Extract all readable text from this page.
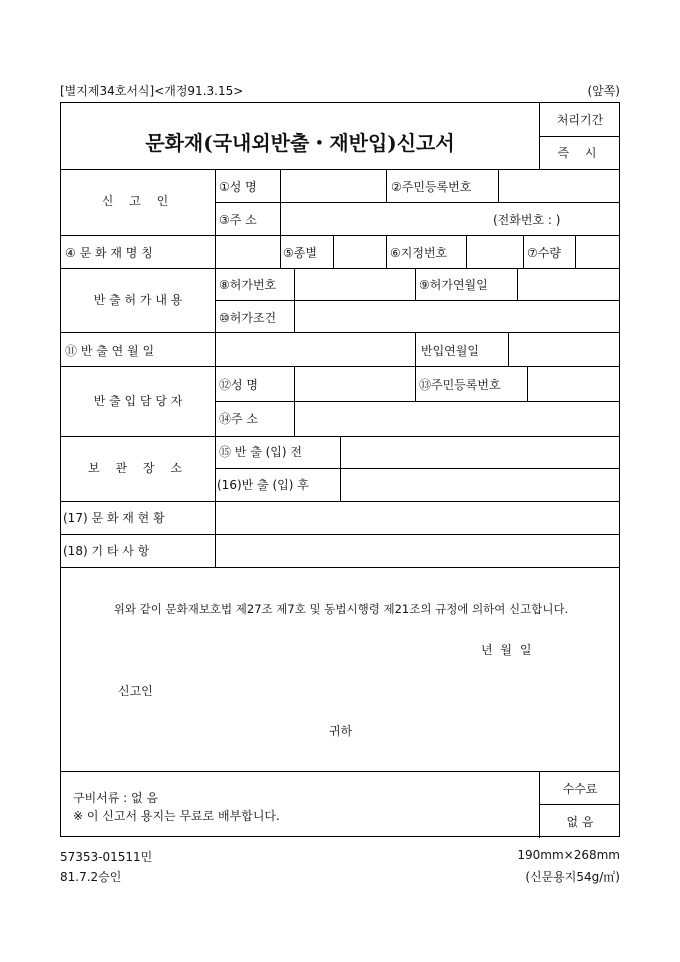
[별지제34호서식]<개정91.3.15>	(앞쪽)
문화재(국내외반출・재반입)신고서
처리기간
즉 시
신 고 인
①성 명	②주민등록번호
③주 소	(전화번호 : )
④ 문 화 재 명 칭	⑤종별	⑥지정번호	⑦수량
반 출 허 가 내 용
⑧허가번호	⑨허가연월일
⑩허가조건
⑪ 반 출 연 월 일	반입연월일
반 출 입 담 당 자
⑫성 명	⑬주민등록번호
⑭주 소
보 관 장 소
⑮ 반 출 (입) 전
(16)반 출 (입) 후
(17) 문 화 재 현 황
(18) 기 타 사 항
위와 같이 문화재보호법 제27조 제7호 및 동법시행령 제21조의 규정에 의하여 신고합니다.
년 월 일
신고인
귀하
구비서류 : 없 음
※ 이 신고서 용지는 무료로 배부합니다.
수수료
없 음
57353-01511민	190mm×268mm
81.7.2승인	(신문용지54g/㎡)
